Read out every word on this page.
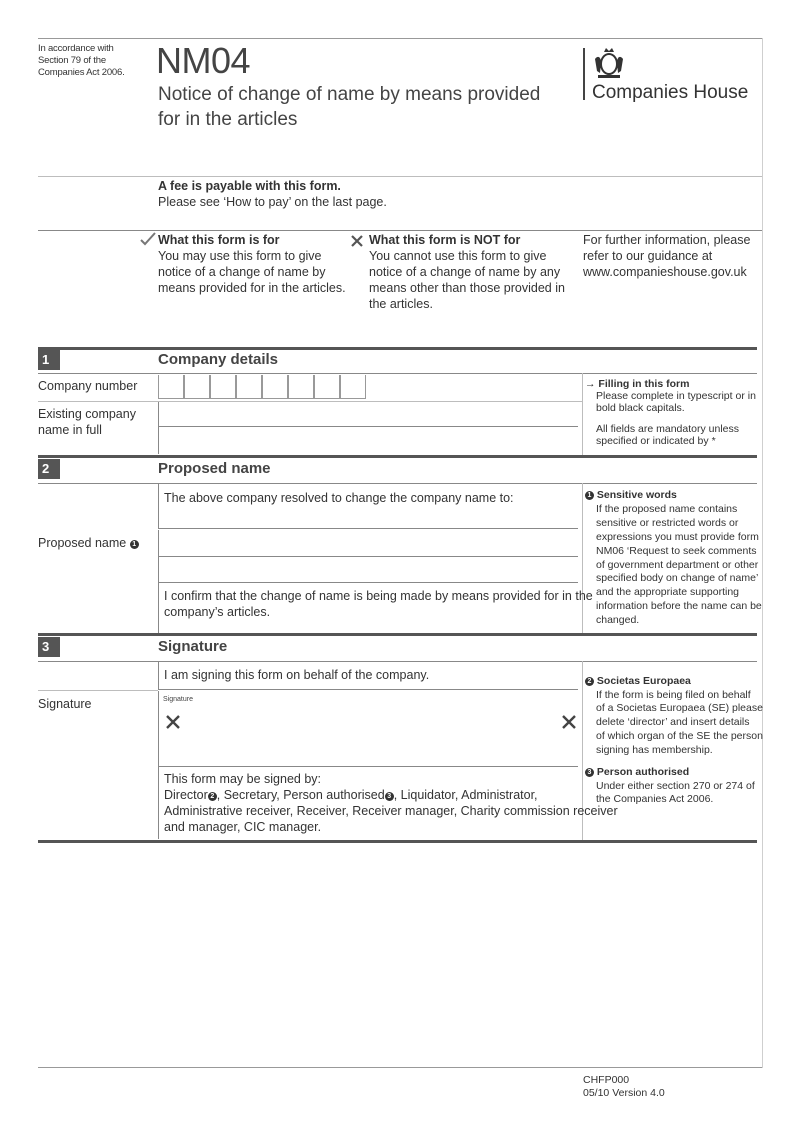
In accordance with
Section 79 of the
Companies Act 2006. NM04
Notice of change of name by means provided
for in the articles
Companies House
A fee is payable with this form.
Please see ‘How to pay’ on the last page.
What this form is for
You may use this form to give
notice of a change of name by
means provided for in the articles.
What this form is NOT for
You cannot use this form to give
notice of a change of name by any
means other than those provided in
the articles.
For further information, please
refer to our guidance at
www.companieshouse.gov.uk
1	Company details
Company number
Existing company
name in full
→ Filling in this form
Please complete in typescript or in
bold black capitals.
All fields are mandatory unless
specified or indicated by *
2	Proposed name
The above company resolved to change the company name to:
Proposed name 1
I confirm that the change of name is being made by means provided for in the
company’s articles.
1 Sensitive words
If the proposed name contains
sensitive or restricted words or
expressions you must provide form
NM06 ‘Request to seek comments
of government department or other
specified body on change of name’
and the appropriate supporting
information before the name can be
changed.
3	Signature
I am signing this form on behalf of the company.
Signature	Signature
This form may be signed by:
Director 2 , Secretary, Person authorised 3 , Liquidator, Administrator,
Administrative receiver, Receiver, Receiver manager, Charity commission receiver
and manager, CIC manager.
2 Societas Europaea
If the form is being filed on behalf
of a Societas Europaea (SE) please
delete ‘director’ and insert details
of which organ of the SE the person
signing has membership.
3 Person authorised
Under either section 270 or 274 of
the Companies Act 2006.
CHFP000
05/10 Version 4.0
